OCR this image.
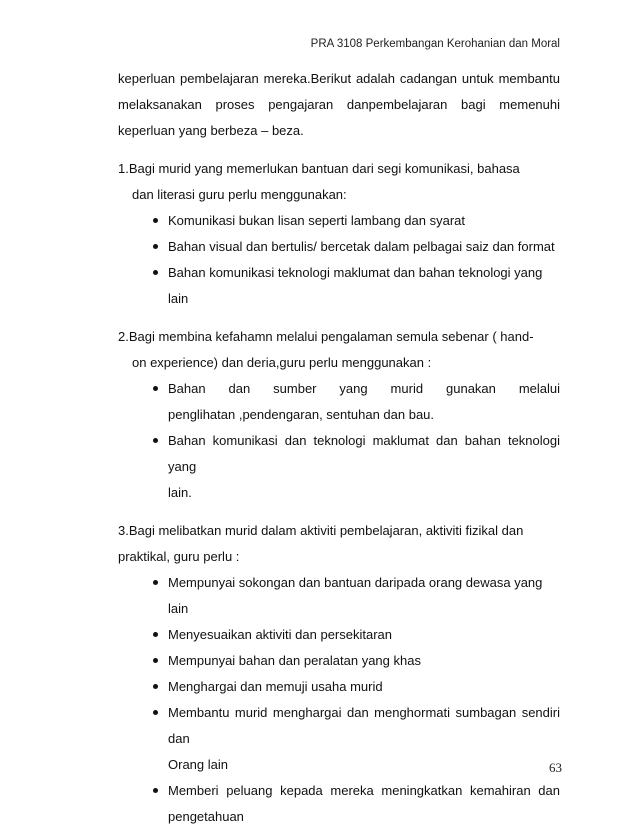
PRA 3108 Perkembangan Kerohanian dan Moral

keperluan pembelajaran mereka.Berikut adalah cadangan untuk membantu

melaksanakan proses pengajaran danpembelajaran bagi memenuhi

keperluan yang berbeza – beza.

1.Bagi murid yang memerlukan bantuan dari segi komunikasi, bahasa

dan literasi guru perlu menggunakan:

Komunikasi bukan lisan seperti lambang dan syarat
Bahan visual dan bertulis/ bercetak dalam pelbagai saiz dan format
Bahan komunikasi teknologi maklumat dan bahan teknologi yang lain

2.Bagi membina kefahamn melalui pengalaman semula sebenar ( hand-

on experience) dan deria,guru perlu menggunakan :

Bahan dan sumber yang murid gunakan melalui
penglihatan ,pendengaran, sentuhan dan bau.
Bahan komunikasi dan teknologi maklumat dan bahan teknologi yang
lain.

3.Bagi melibatkan murid dalam aktiviti pembelajaran, aktiviti fizikal dan

praktikal, guru perlu :

Mempunyai sokongan dan bantuan daripada orang dewasa yang lain
Menyesuaikan aktiviti dan persekitaran
Mempunyai bahan dan peralatan yang khas
Menghargai dan memuji usaha murid
Membantu murid menghargai dan menghormati sumbagan sendiri
dan
Orang lain
Memberi peluang kepada mereka meningkatkan kemahiran dan
pengetahuan
63
